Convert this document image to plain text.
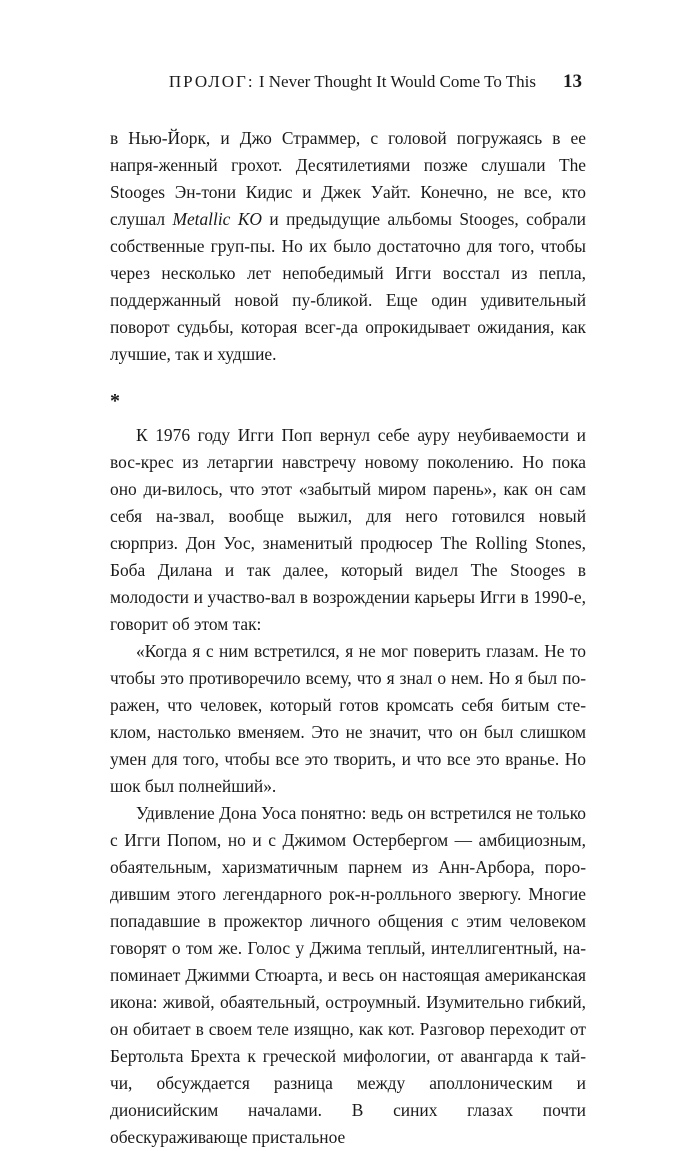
ПРОЛОГ: I Never Thought It Would Come To This 13

в Нью-Йорк, и Джо Страммер, с головой погружаясь в ее напря-женный грохот. Десятилетиями позже слушали The Stooges Эн-тони Кидис и Джек Уайт. Конечно, не все, кто слушал Metallic KO и предыдущие альбомы Stooges, собрали собственные груп-пы. Но их было достаточно для того, чтобы через несколько лет непобедимый Игги восстал из пепла, поддержанный новой пу-бликой. Еще один удивительный поворот судьбы, которая всег-да опрокидывает ожидания, как лучшие, так и худшие.

*

К 1976 году Игги Поп вернул себе ауру неубиваемости и вос-крес из летаргии навстречу новому поколению. Но пока оно ди-вилось, что этот «забытый миром парень», как он сам себя на-звал, вообще выжил, для него готовился новый сюрприз. Дон Уос, знаменитый продюсер The Rolling Stones, Боба Дилана и так далее, который видел The Stooges в молодости и участво-вал в возрождении карьеры Игги в 1990-е, говорит об этом так:

«Когда я с ним встретился, я не мог поверить глазам. Не то чтобы это противоречило всему, что я знал о нем. Но я был по-ражен, что человек, который готов кромсать себя битым сте-клом, настолько вменяем. Это не значит, что он был слишком умен для того, чтобы все это творить, и что все это вранье. Но шок был полнейший».

Удивление Дона Уоса понятно: ведь он встретился не только с Игги Попом, но и с Джимом Остербергом — амбициозным, обаятельным, харизматичным парнем из Анн-Арбора, поро-дившим этого легендарного рок-н-ролльного зверюгу. Многие попадавшие в прожектор личного общения с этим человеком говорят о том же. Голос у Джима теплый, интеллигентный, на-поминает Джимми Стюарта, и весь он настоящая американская икона: живой, обаятельный, остроумный. Изумительно гибкий, он обитает в своем теле изящно, как кот. Разговор переходит от Бертольта Брехта к греческой мифологии, от авангарда к тай-чи, обсуждается разница между аполлоническим и дионисийским началами. В синих глазах почти обескураживающе пристальное
